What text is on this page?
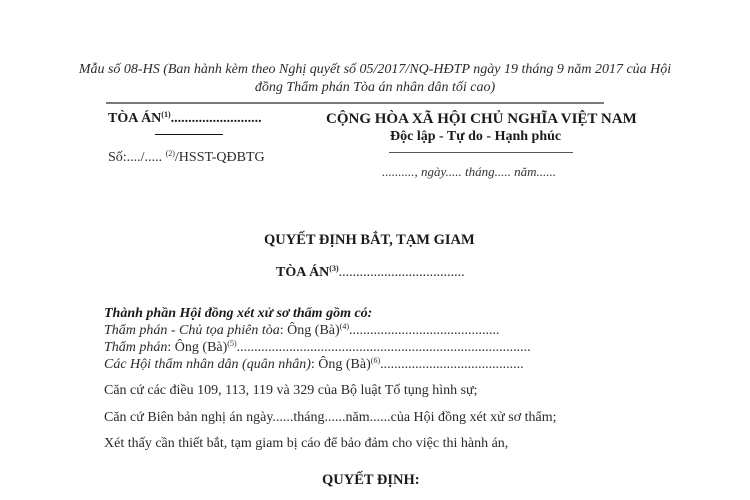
Mẫu số 08-HS (Ban hành kèm theo Nghị quyết số 05/2017/NQ-HĐTP ngày 19 tháng 9 năm 2017 của Hội
đồng Thẩm phán Tòa án nhân dân tối cao)
TÒA ÁN$^{(1)}$..........................
Số:..../..... $^{(2)}$/HSST-QĐBTG
CỘNG HÒA XÃ HỘI CHỦ NGHĨA VIỆT NAM
Độc lập - Tự do - Hạnh phúc
.........., ngày..... tháng..... năm......
QUYẾT ĐỊNH BẮT, TẠM GIAM
TÒA ÁN$^{(3)}$....................................
Thành phần Hội đồng xét xử sơ thẩm gồm có:
Thẩm phán - Chủ tọa phiên tòa: Ông (Bà)$^{(4)}$...........................................
Thẩm phán: Ông (Bà)$^{(5)}$....................................................................................
Các Hội thẩm nhân dân (quân nhân): Ông (Bà)$^{(6)}$.........................................
Căn cứ các điều 109, 113, 119 và 329 của Bộ luật Tố tụng hình sự;
Căn cứ Biên bản nghị án ngày......tháng......năm......của Hội đồng xét xử sơ thẩm;
Xét thấy cần thiết bắt, tạm giam bị cáo để bảo đảm cho việc thi hành án,
QUYẾT ĐỊNH:
